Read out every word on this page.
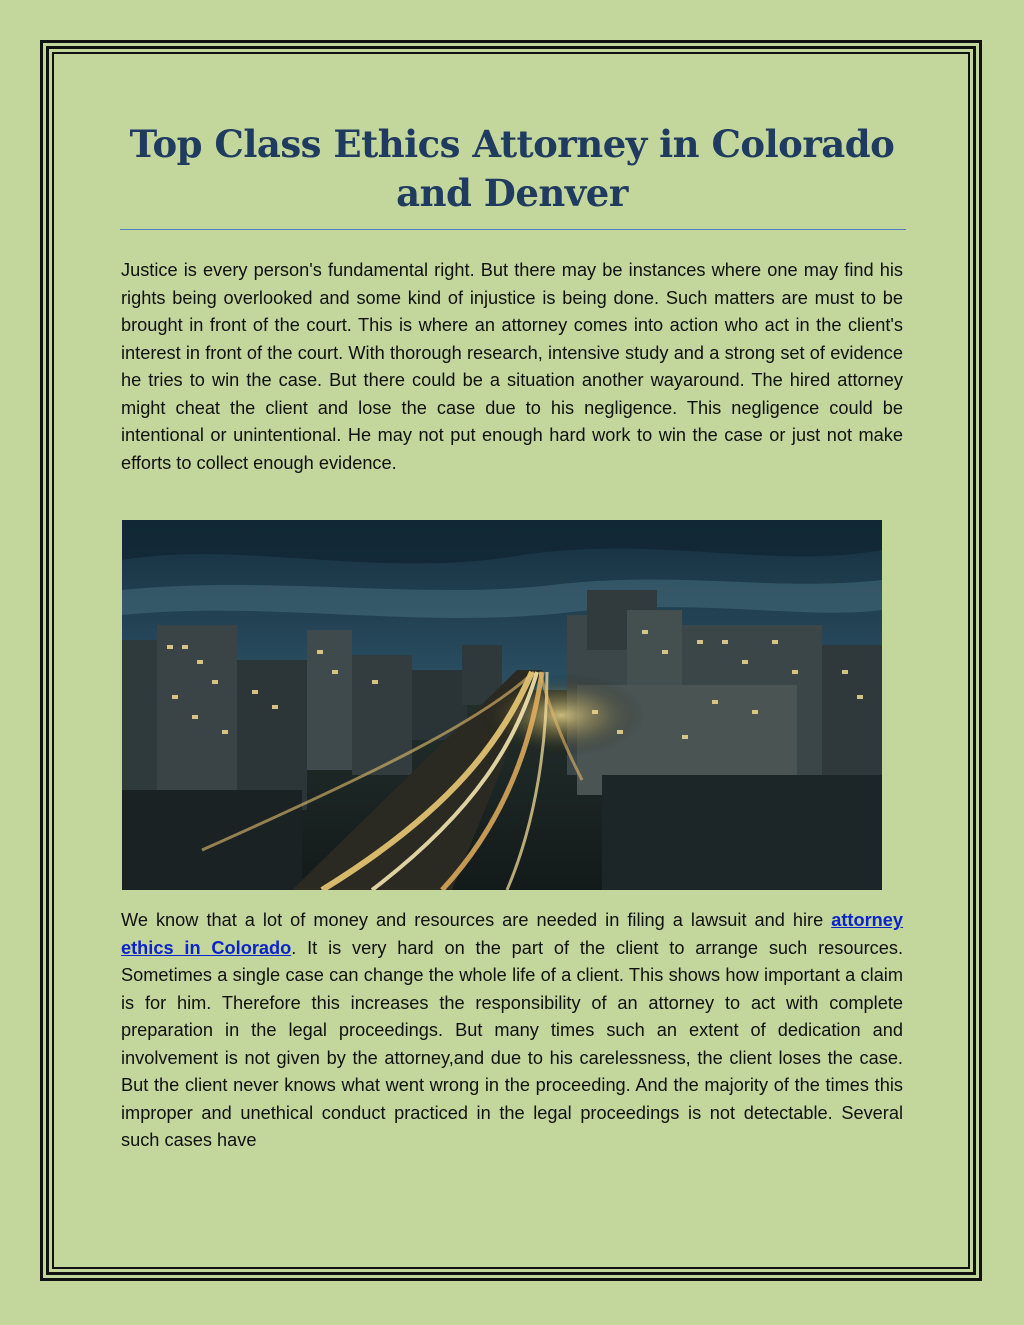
Top Class Ethics Attorney in Colorado and Denver

Justice is every person's fundamental right. But there may be instances where one may find his rights being overlooked and some kind of injustice is being done. Such matters are must to be brought in front of the court. This is where an attorney comes into action who act in the client's interest in front of the court. With thorough research, intensive study and a strong set of evidence he tries to win the case. But there could be a situation another wayaround. The hired attorney might cheat the client and lose the case due to his negligence. This negligence could be intentional or unintentional. He may not put enough hard work to win the case or just not make efforts to collect enough evidence.

We know that a lot of money and resources are needed in filing a lawsuit and hire attorney ethics in Colorado. It is very hard on the part of the client to arrange such resources. Sometimes a single case can change the whole life of a client. This shows how important a claim is for him. Therefore this increases the responsibility of an attorney to act with complete preparation in the legal proceedings. But many times such an extent of dedication and involvement is not given by the attorney,and due to his carelessness, the client loses the case. But the client never knows what went wrong in the proceeding. And the majority of the times this improper and unethical conduct practiced in the legal proceedings is not detectable. Several such cases have
